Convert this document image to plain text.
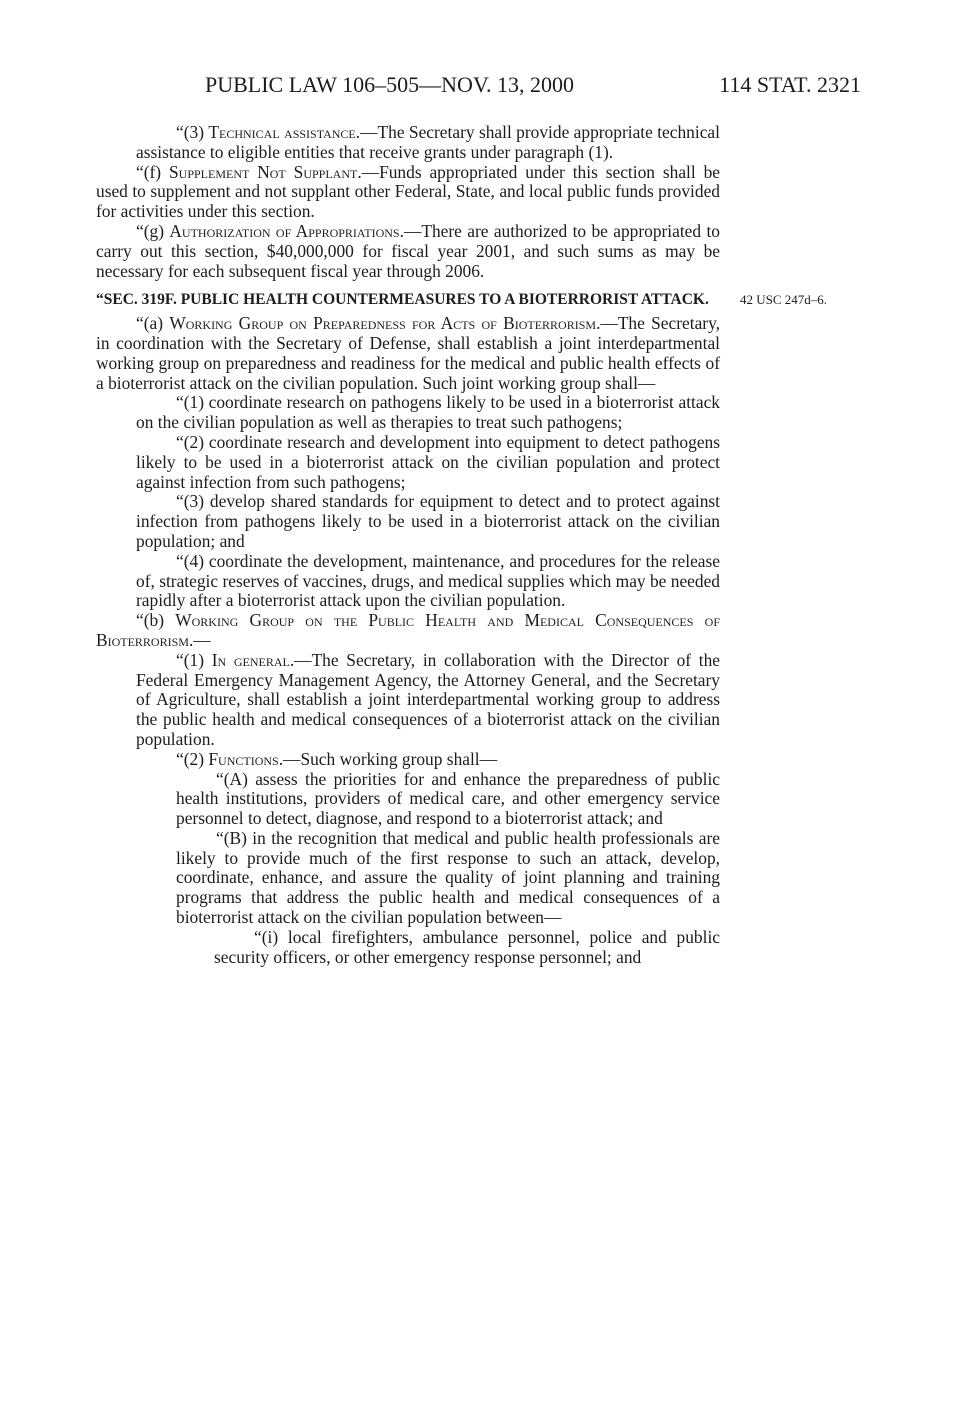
PUBLIC LAW 106–505—NOV. 13, 2000	114 STAT. 2321

“(3) Technical assistance.—The Secretary shall provide appropriate technical assistance to eligible entities that receive grants under paragraph (1).

“(f) Supplement Not Supplant.—Funds appropriated under this section shall be used to supplement and not supplant other Federal, State, and local public funds provided for activities under this section.

“(g) Authorization of Appropriations.—There are authorized to be appropriated to carry out this section, $40,000,000 for fiscal year 2001, and such sums as may be necessary for each subsequent fiscal year through 2006.

“SEC. 319F. PUBLIC HEALTH COUNTERMEASURES TO A BIOTERRORIST ATTACK. 42 USC 247d–6.

“(a) Working Group on Preparedness for Acts of Bioterrorism.—The Secretary, in coordination with the Secretary of Defense, shall establish a joint interdepartmental working group on preparedness and readiness for the medical and public health effects of a bioterrorist attack on the civilian population. Such joint working group shall—

“(1) coordinate research on pathogens likely to be used in a bioterrorist attack on the civilian population as well as therapies to treat such pathogens;

“(2) coordinate research and development into equipment to detect pathogens likely to be used in a bioterrorist attack on the civilian population and protect against infection from such pathogens;

“(3) develop shared standards for equipment to detect and to protect against infection from pathogens likely to be used in a bioterrorist attack on the civilian population; and

“(4) coordinate the development, maintenance, and procedures for the release of, strategic reserves of vaccines, drugs, and medical supplies which may be needed rapidly after a bioterrorist attack upon the civilian population.

“(b) Working Group on the Public Health and Medical Consequences of Bioterrorism.—

“(1) In general.—The Secretary, in collaboration with the Director of the Federal Emergency Management Agency, the Attorney General, and the Secretary of Agriculture, shall establish a joint interdepartmental working group to address the public health and medical consequences of a bioterrorist attack on the civilian population.

“(2) Functions.—Such working group shall—

“(A) assess the priorities for and enhance the preparedness of public health institutions, providers of medical care, and other emergency service personnel to detect, diagnose, and respond to a bioterrorist attack; and

“(B) in the recognition that medical and public health professionals are likely to provide much of the first response to such an attack, develop, coordinate, enhance, and assure the quality of joint planning and training programs that address the public health and medical consequences of a bioterrorist attack on the civilian population between—

“(i) local firefighters, ambulance personnel, police and public security officers, or other emergency response personnel; and
